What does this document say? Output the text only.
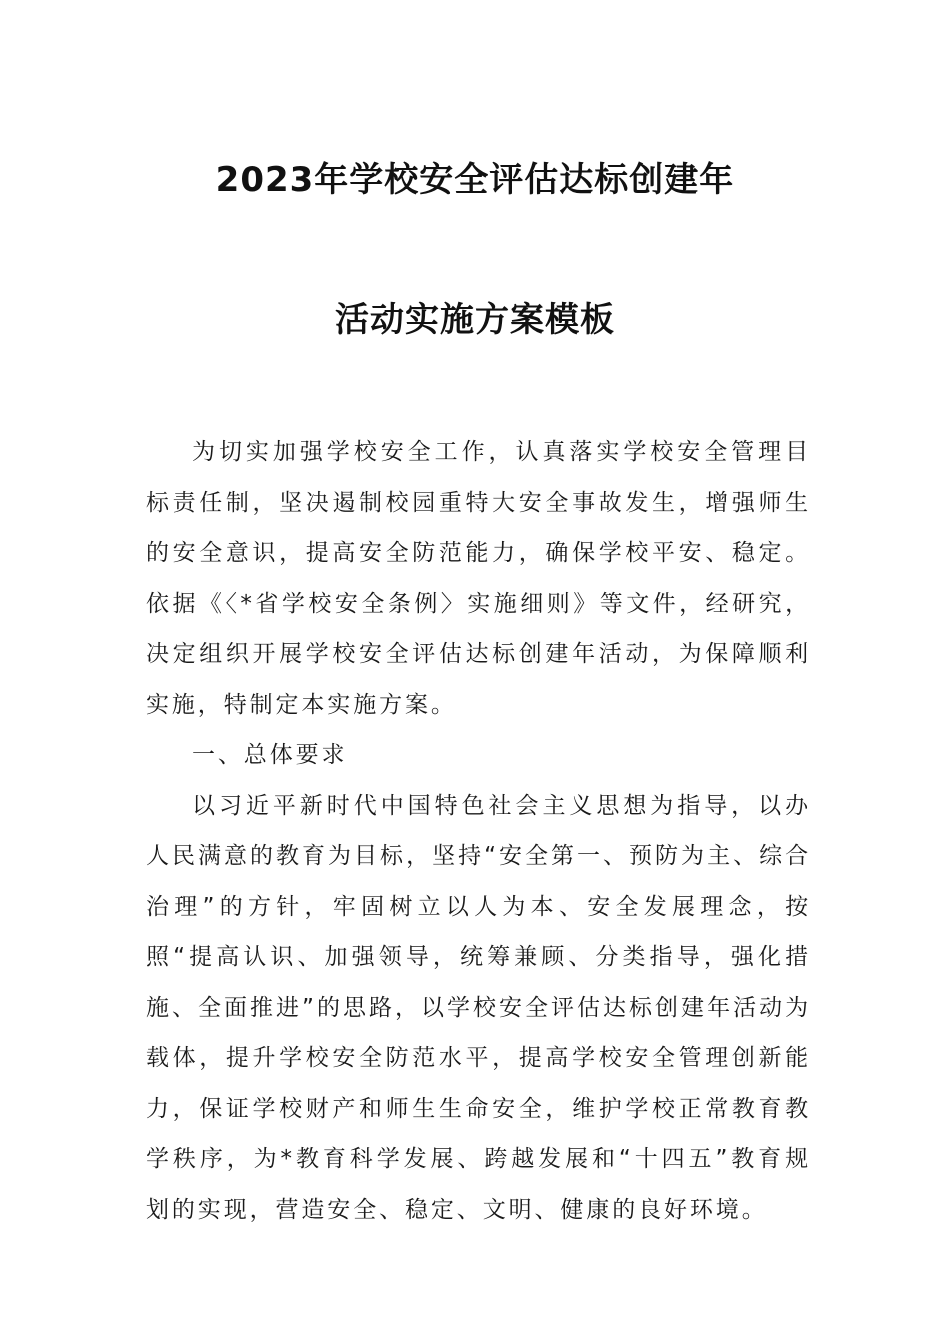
2023年学校安全评估达标创建年
活动实施方案模板

为切实加强学校安全工作，认真落实学校安全管理目标责任制，坚决遏制校园重特大安全事故发生，增强师生的安全意识，提高安全防范能力，确保学校平安、稳定。依据《〈*省学校安全条例〉实施细则》等文件，经研究，决定组织开展学校安全评估达标创建年活动，为保障顺利实施，特制定本实施方案。

一、总体要求

以习近平新时代中国特色社会主义思想为指导，以办人民满意的教育为目标，坚持“安全第一、预防为主、综合治理”的方针，牢固树立以人为本、安全发展理念，按照“提高认识、加强领导，统筹兼顾、分类指导，强化措施、全面推进”的思路，以学校安全评估达标创建年活动为载体，提升学校安全防范水平，提高学校安全管理创新能力，保证学校财产和师生生命安全，维护学校正常教育教学秩序，为*教育科学发展、跨越发展和“十四五”教育规划的实现，营造安全、稳定、文明、健康的良好环境。
